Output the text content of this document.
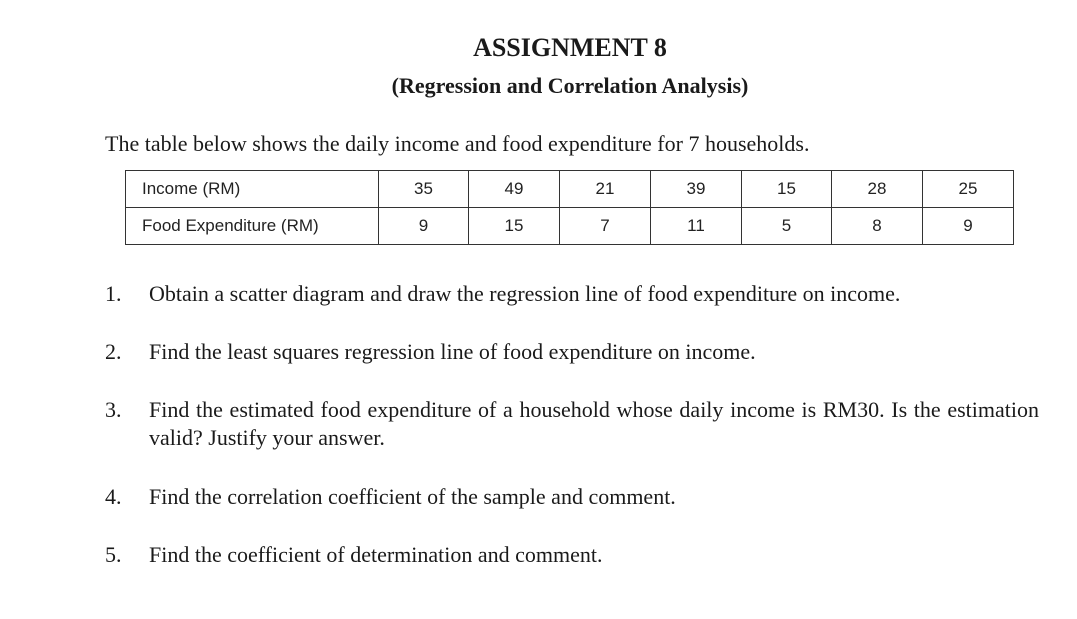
ASSIGNMENT 8
(Regression and Correlation Analysis)
The table below shows the daily income and food expenditure for 7 households.
Income (RM)	35	49	21	39	15	28	25
Food Expenditure (RM)	9	15	7	11	5	8	9
1. Obtain a scatter diagram and draw the regression line of food expenditure on income.
2. Find the least squares regression line of food expenditure on income.
3. Find the estimated food expenditure of a household whose daily income is RM30. Is the estimation valid? Justify your answer.
4. Find the correlation coefficient of the sample and comment.
5. Find the coefficient of determination and comment.
